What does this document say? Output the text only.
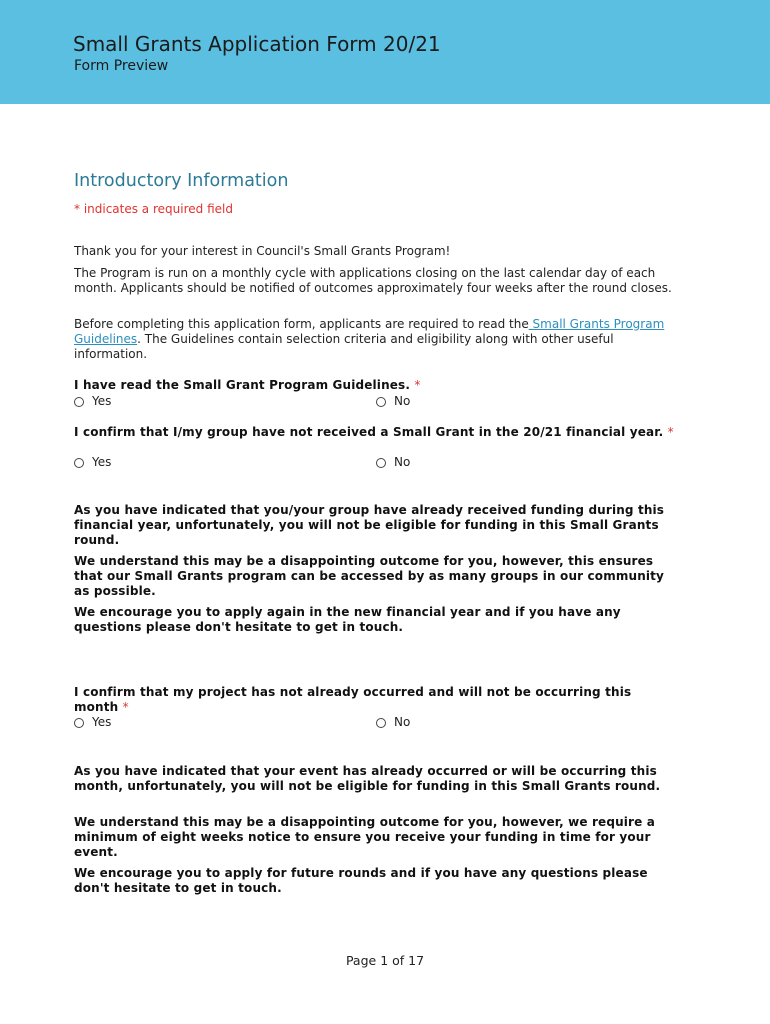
Small Grants Application Form 20/21
Form Preview
Introductory Information
* indicates a required field
Thank you for your interest in Council's Small Grants Program!
The Program is run on a monthly cycle with applications closing on the last calendar day of each month. Applicants should be notified of outcomes approximately four weeks after the round closes.
Before completing this application form, applicants are required to read the Small Grants Program Guidelines. The Guidelines contain selection criteria and eligibility along with other useful information.
I have read the Small Grant Program Guidelines. *
Yes	No
I confirm that I/my group have not received a Small Grant in the 20/21 financial year. *
Yes	No
As you have indicated that you/your group have already received funding during this financial year, unfortunately, you will not be eligible for funding in this Small Grants round.
We understand this may be a disappointing outcome for you, however, this ensures that our Small Grants program can be accessed by as many groups in our community as possible.
We encourage you to apply again in the new financial year and if you have any questions please don't hesitate to get in touch.
I confirm that my project has not already occurred and will not be occurring this month *
Yes	No
As you have indicated that your event has already occurred or will be occurring this month, unfortunately, you will not be eligible for funding in this Small Grants round.
We understand this may be a disappointing outcome for you, however, we require a minimum of eight weeks notice to ensure you receive your funding in time for your event.
We encourage you to apply for future rounds and if you have any questions please don't hesitate to get in touch.
Page 1 of 17
